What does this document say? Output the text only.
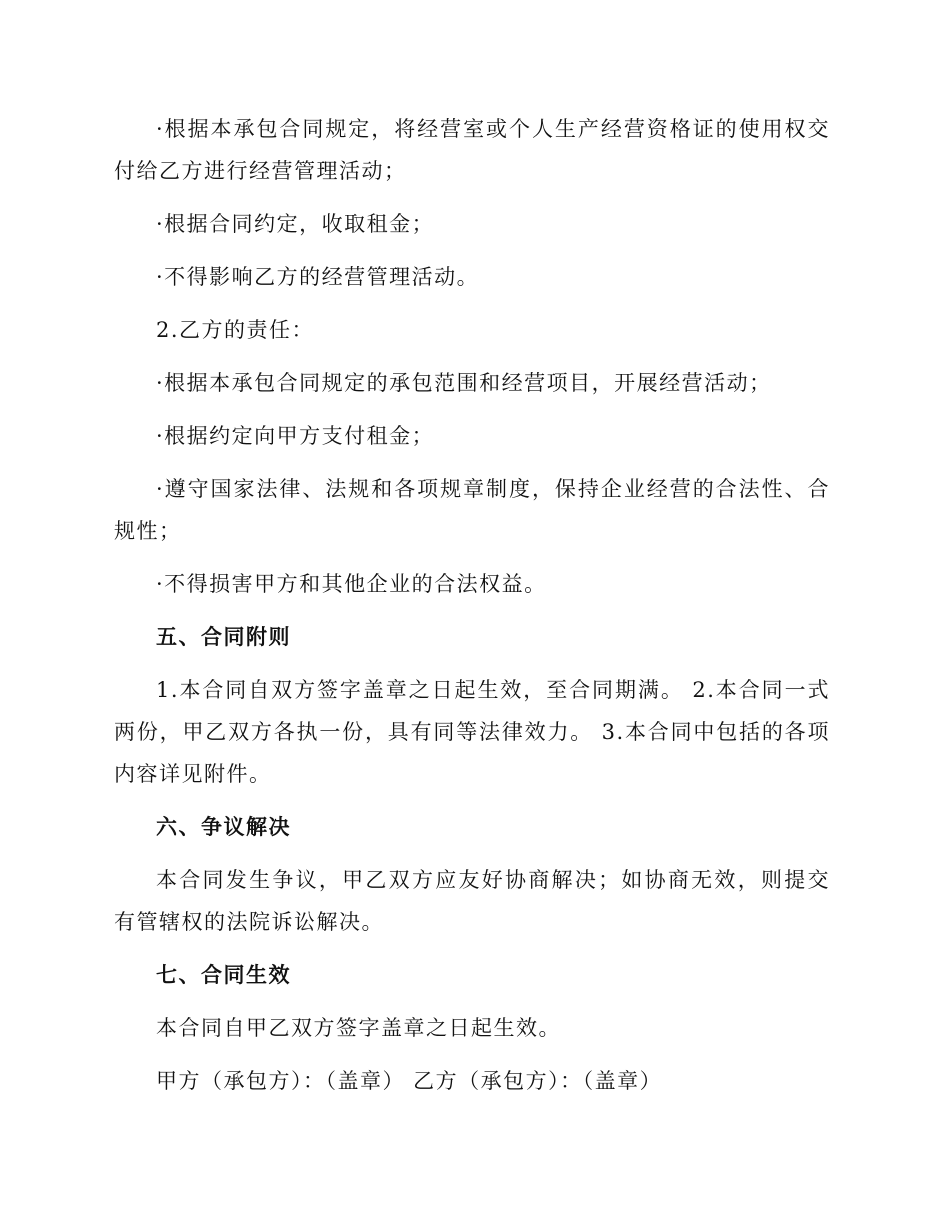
·根据本承包合同规定，将经营室或个人生产经营资格证的使用权交付给乙方进行经营管理活动；

·根据合同约定，收取租金；

·不得影响乙方的经营管理活动。

2.乙方的责任：

·根据本承包合同规定的承包范围和经营项目，开展经营活动；

·根据约定向甲方支付租金；

·遵守国家法律、法规和各项规章制度，保持企业经营的合法性、合规性；

·不得损害甲方和其他企业的合法权益。

五、合同附则

1.本合同自双方签字盖章之日起生效，至合同期满。 2.本合同一式两份，甲乙双方各执一份，具有同等法律效力。 3.本合同中包括的各项内容详见附件。

六、争议解决

本合同发生争议，甲乙双方应友好协商解决；如协商无效，则提交有管辖权的法院诉讼解决。

七、合同生效

本合同自甲乙双方签字盖章之日起生效。

甲方（承包方）：（盖章） 乙方（承包方）：（盖章）
